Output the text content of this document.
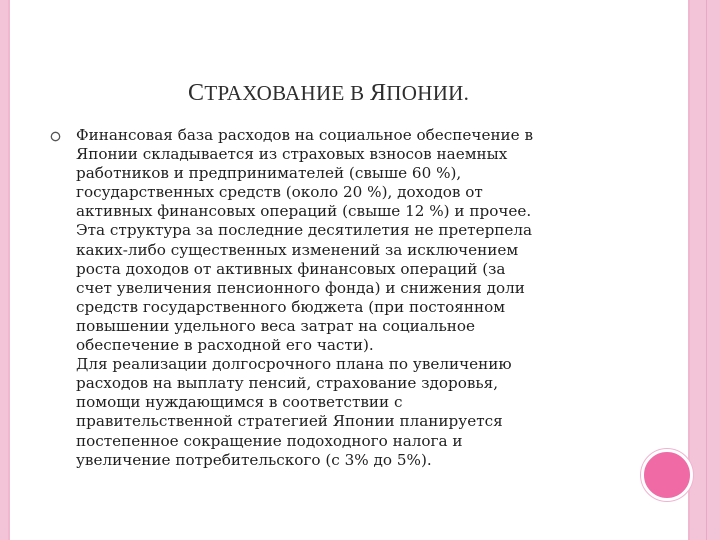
СТРАХОВАНИЕ В ЯПОНИИ.
Финансовая база расходов на социальное обеспечение в
Японии складывается из страховых взносов наемных
работников и предпринимателей (свыше 60 %),
государственных средств (около 20 %), доходов от
активных финансовых операций (свыше 12 %) и прочее.
Эта структура за последние десятилетия не претерпела
каких-либо существенных изменений за исключением
роста доходов от активных финансовых операций (за
счет увеличения пенсионного фонда) и снижения доли
средств государственного бюджета (при постоянном
повышении удельного веса затрат на социальное
обеспечение в расходной его части).
Для реализации долгосрочного плана по увеличению
расходов на выплату пенсий, страхование здоровья,
помощи нуждающимся в соответствии с
правительственной стратегией Японии планируется
постепенное сокращение подоходного налога и
увеличение потребительского (с 3% до 5%).
